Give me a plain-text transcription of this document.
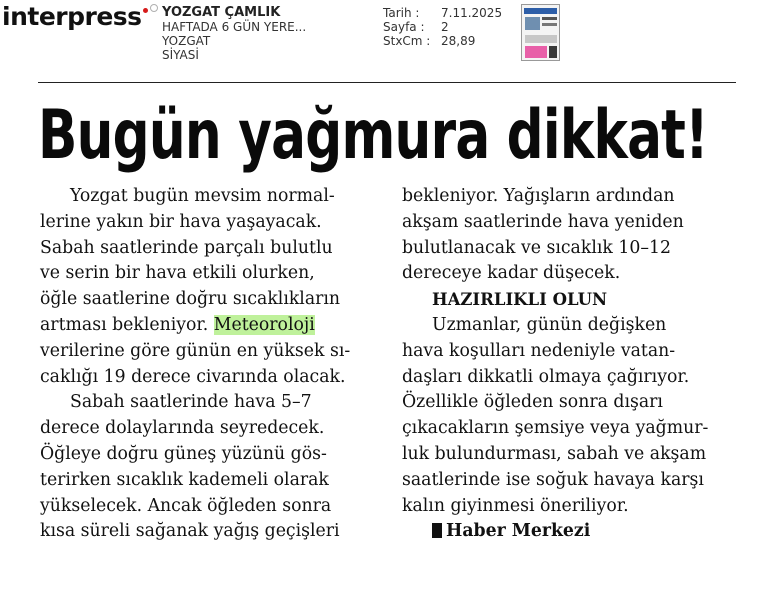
interpress	YOZGAT ÇAMLIK
HAFTADA 6 GÜN YERE...
YOZGAT
SİYASİ
Tarih :	7.11.2025
Sayfa :	2
StxCm : 28,89
Bugün yağmura dikkat!

Yozgat bugün mevsim normal-
lerine yakın bir hava yaşayacak.
Sabah saatlerinde parçalı bulutlu
ve serin bir hava etkili olurken,
öğle saatlerine doğru sıcaklıkların
artması bekleniyor. Meteoroloji
verilerine göre günün en yüksek sı-
caklığı 19 derece civarında olacak.

Sabah saatlerinde hava 5–7
derece dolaylarında seyredecek.
Öğleye doğru güneş yüzünü gös-
terirken sıcaklık kademeli olarak
yükselecek. Ancak öğleden sonra
kısa süreli sağanak yağış geçişleri

bekleniyor. Yağışların ardından
akşam saatlerinde hava yeniden
bulutlanacak ve sıcaklık 10–12
dereceye kadar düşecek.

HAZIRLIKLI OLUN

Uzmanlar, günün değişken
hava koşulları nedeniyle vatan-
daşları dikkatli olmaya çağırıyor.
Özellikle öğleden sonra dışarı
çıkacakların şemsiye veya yağmur-
luk bulundurması, sabah ve akşam
saatlerinde ise soğuk havaya karşı
kalın giyinmesi öneriliyor.

Haber Merkezi
